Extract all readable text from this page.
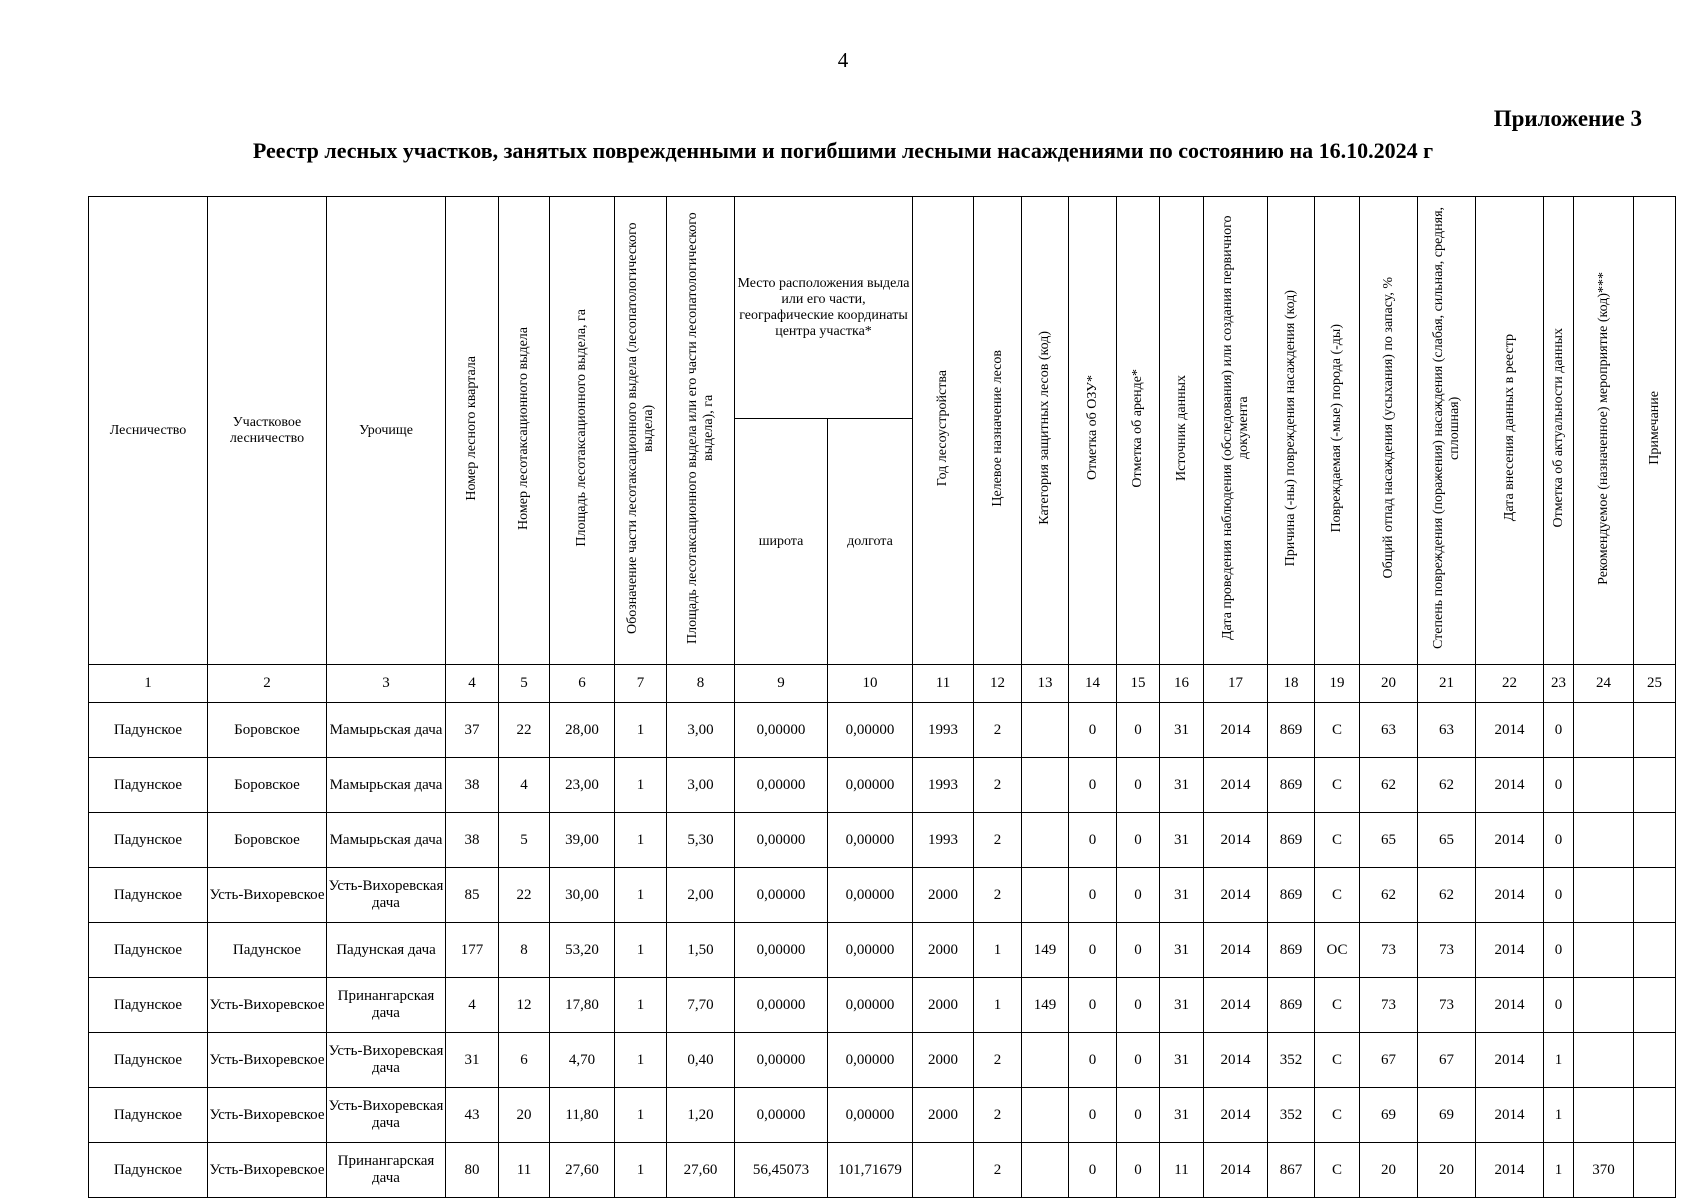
4
Приложение 3
Реестр лесных участков, занятых поврежденными и погибшими лесными насаждениями по состоянию на 16.10.2024 г
Лесничество	Участковое лесничество	Урочище	Номер лесного квартала	Номер лесотаксационного выдела	Площадь лесотаксационного выдела, га	Обозначение части лесотаксационного выдела (лесопатологического выдела)	Площадь лесотаксационного выдела или его части лесопатологического выдела), га	Место расположения выдела или его части, географические координаты центра участка*		Год лесоустройства	Целевое назначение лесов	Категория защитных лесов (код)	Отметка об ОЗУ*	Отметка об аренде*	Источник данных	Дата проведения наблюдения (обследования) или создания первичного документа	Причина (-ны) повреждения насаждения (код)	Повреждаемая (-мые) порода (-ды)	Общий отпад насаждения (усыхания) по запасу, %	Степень повреждения (поражения) насаждения (слабая, сильная, средняя, сплошная)	Дата внесения данных в реестр	Отметка об актуальности данных	Рекомендуемое (назначенное) мероприятие (код)***	Примечание
								широта	долгота															
1	2	3	4	5	6	7	8	9	10	11	12	13	14	15	16	17	18	19	20	21	22	23	24	25
Падунское	Боровское	Мамырьская дача	37	22	28,00	1	3,00	0,00000	0,00000	1993	2		0	0	31	2014	869	С	63	63	2014	0		
Падунское	Боровское	Мамырьская дача	38	4	23,00	1	3,00	0,00000	0,00000	1993	2		0	0	31	2014	869	С	62	62	2014	0		
Падунское	Боровское	Мамырьская дача	38	5	39,00	1	5,30	0,00000	0,00000	1993	2		0	0	31	2014	869	С	65	65	2014	0		
Падунское	Усть-Вихоревское	Усть-Вихоревская дача	85	22	30,00	1	2,00	0,00000	0,00000	2000	2		0	0	31	2014	869	С	62	62	2014	0		
Падунское	Падунское	Падунская дача	177	8	53,20	1	1,50	0,00000	0,00000	2000	1	149	0	0	31	2014	869	ОС	73	73	2014	0		
Падунское	Усть-Вихоревское	Принангарская дача	4	12	17,80	1	7,70	0,00000	0,00000	2000	1	149	0	0	31	2014	869	С	73	73	2014	0		
Падунское	Усть-Вихоревское	Усть-Вихоревская дача	31	6	4,70	1	0,40	0,00000	0,00000	2000	2		0	0	31	2014	352	С	67	67	2014	1		
Падунское	Усть-Вихоревское	Усть-Вихоревская дача	43	20	11,80	1	1,20	0,00000	0,00000	2000	2		0	0	31	2014	352	С	69	69	2014	1		
Падунское	Усть-Вихоревское	Принангарская дача	80	11	27,60	1	27,60	56,45073	101,71679		2		0	0	11	2014	867	С	20	20	2014	1	370	
